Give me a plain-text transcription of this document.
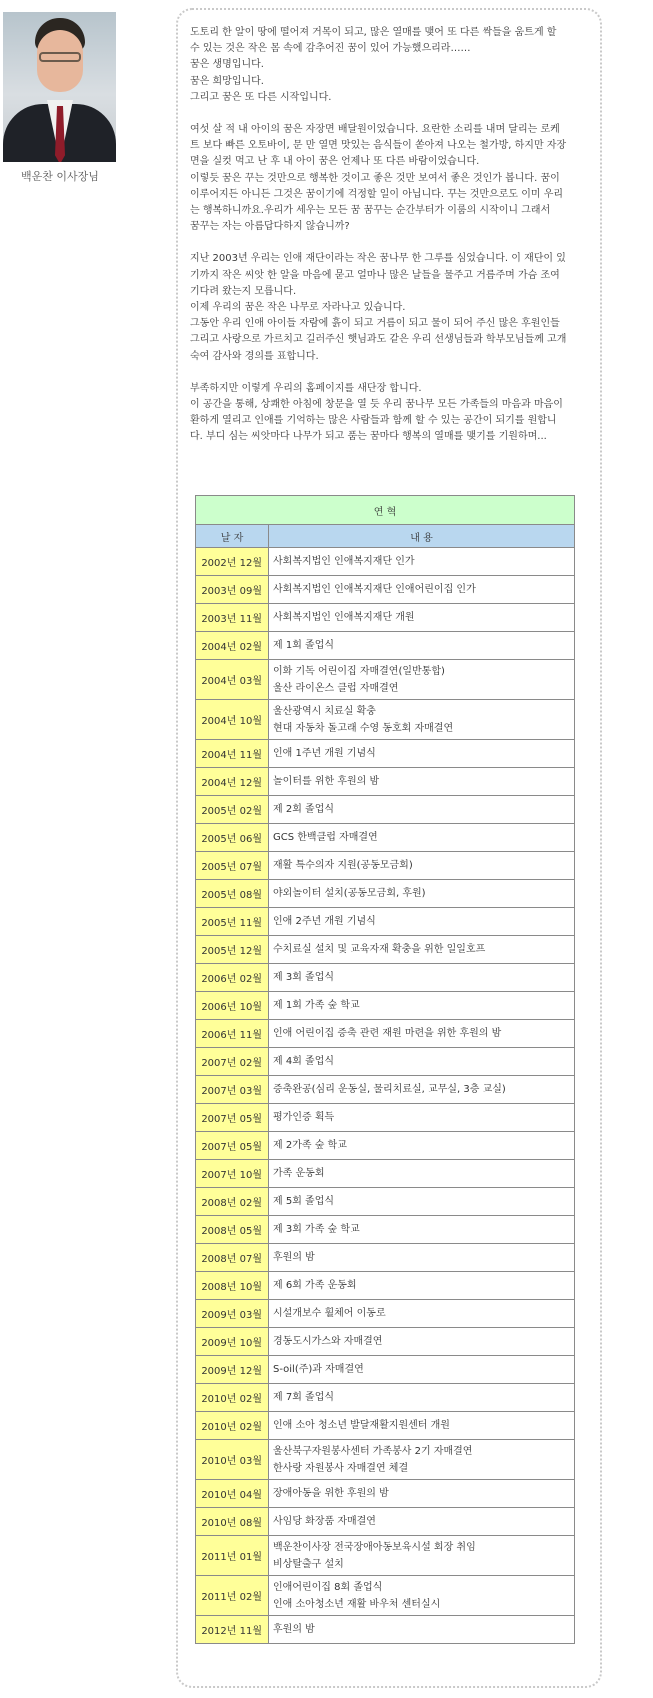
백운찬 이사장님

도토리 한 알이 땅에 떨어져 거목이 되고, 많은 열매를 맺어 또 다른 싹들을 움트게 할
수 있는 것은 작은 몸 속에 감추어진 꿈이 있어 가능했으리라……
꿈은 생명입니다.
꿈은 희망입니다.
그리고 꿈은 또 다른 시작입니다.

여섯 살 적 내 아이의 꿈은 자장면 배달원이었습니다. 요란한 소리를 내며 달리는 로케
트 보다 빠른 오토바이, 문 만 열면 맛있는 음식들이 쏟아져 나오는 철가방, 하지만 자장
면을 실컷 먹고 난 후 내 아이 꿈은 언제나 또 다른 바람이었습니다.
이렇듯 꿈은 꾸는 것만으로 행복한 것이고 좋은 것만 보여서 좋은 것인가 봅니다. 꿈이
이루어지든 아니든 그것은 꿈이기에 걱정할 일이 아닙니다. 꾸는 것만으로도 이미 우리
는 행복하니까요.우리가 세우는 모든 꿈 꿈꾸는 순간부터가 이룸의 시작이니 그래서
꿈꾸는 자는 아름답다하지 않습니까?

지난 2003년 우리는 인애 재단이라는 작은 꿈나무 한 그루를 심었습니다. 이 재단이 있
기까지 작은 씨앗 한 알을 마음에 묻고 얼마나 많은 날들을 물주고 거름주며 가슴 조여
기다려 왔는지 모릅니다.
이제 우리의 꿈은 작은 나무로 자라나고 있습니다.
그동안 우리 인애 아이들 자람에 흙이 되고 거름이 되고 물이 되어 주신 많은 후원인들
그리고 사랑으로 가르치고 길러주신 햇님과도 같은 우리 선생님들과 학부모님들께 고개
숙여 감사와 경의를 표합니다.

부족하지만 이렇게 우리의 홈페이지를 새단장 합니다.
이 공간을 통해, 상쾌한 아침에 창문을 열 듯 우리 꿈나무 모든 가족들의 마음과 마음이
환하게 열리고 인애를 기억하는 많은 사람들과 함께 할 수 있는 공간이 되기를 원합니
다. 부디 심는 씨앗마다 나무가 되고 품는 꿈마다 행복의 열매를 맺기를 기원하며...

연 혁	
날 자	내 용
2002년 12월	사회복지법인 인애복지재단 인가

2003년 09월	사회복지법인 인애복지재단 인애어린이집 인가

2003년 11월	사회복지법인 인애복지재단 개원

2004년 02월	제 1회 졸업식

2004년 03월	이화 기독 어린이집 자매결연(일반통합)
울산 라이온스 클럽 자매결연

2004년 10월	울산광역시 치료실 확충
현대 자동차 돌고래 수영 동호회 자매결연

2004년 11월	인애 1주년 개원 기념식

2004년 12월	놀이터를 위한 후원의 밤

2005년 02월	제 2회 졸업식

2005년 06월	GCS 한백클럽 자매결연

2005년 07월	재활 특수의자 지원(공동모금회)

2005년 08월	야외놀이터 설치(공동모금회, 후원)

2005년 11월	인애 2주년 개원 기념식

2005년 12월	수치료실 설치 및 교육자재 확충을 위한 일일호프

2006년 02월	제 3회 졸업식

2006년 10월	제 1회 가족 숲 학교

2006년 11월	인애 어린이집 증축 관련 재원 마련을 위한 후원의 밤

2007년 02월	제 4회 졸업식

2007년 03월	증축완공(심리 운동실, 물리치료실, 교무실, 3층 교실)

2007년 05월	평가인증 획득

2007년 05월	제 2가족 숲 학교

2007년 10월	가족 운동회

2008년 02월	제 5회 졸업식

2008년 05월	제 3회 가족 숲 학교

2008년 07월	후원의 밤

2008년 10월	제 6회 가족 운동회

2009년 03월	시설개보수 휠체어 이동로

2009년 10월	경동도시가스와 자매결연

2009년 12월	S-oil(주)과 자매결연

2010년 02월	제 7회 졸업식

2010년 02월	인애 소아 청소년 발달재활지원센터 개원

2010년 03월	울산북구자원봉사센터 가족봉사 2기 자매결연
한사랑 자원봉사 자매결연 체결

2010년 04월	장애아동을 위한 후원의 밤

2010년 08월	사임당 화장품 자매결연

2011년 01월	백운찬이사장 전국장애아동보육시설 회장 취임
비상탈출구 설치

2011년 02월	인애어린이집 8회 졸업식
인애 소아청소년 재활 바우처 센터실시

2012년 11월	후원의 밤
